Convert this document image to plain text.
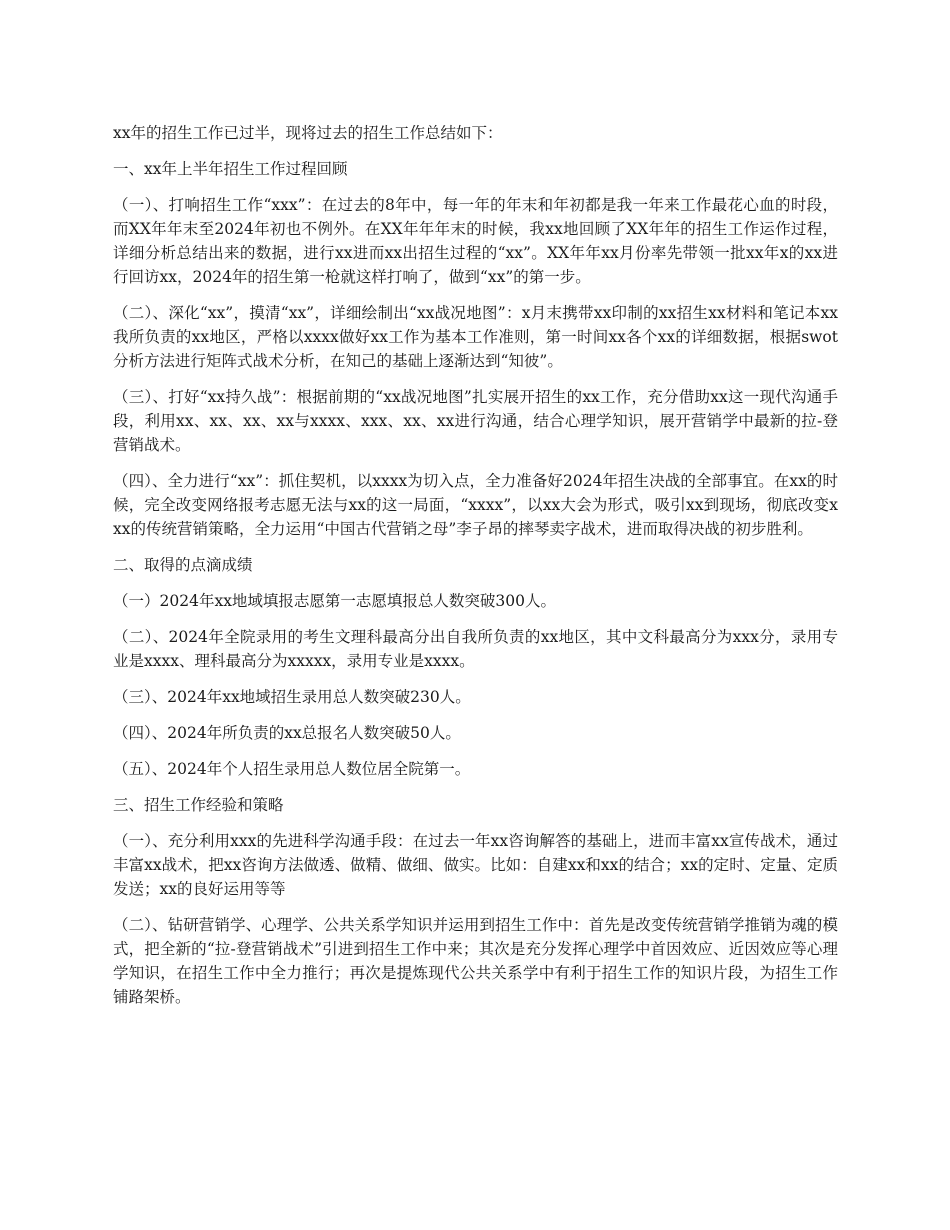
xx年的招生工作已过半，现将过去的招生工作总结如下：

一、xx年上半年招生工作过程回顾

（一）、打响招生工作“xxx”：在过去的8年中，每一年的年末和年初都是我一年来工作最花心血的时段，而XX年年末至2024年初也不例外。在XX年年年末的时候，我xx地回顾了XX年年的招生工作运作过程，详细分析总结出来的数据，进行xx进而xx出招生过程的“xx”。XX年年xx月份率先带领一批xx年x的xx进行回访xx，2024年的招生第一枪就这样打响了，做到“xx”的第一步。

（二）、深化“xx”，摸清“xx”，详细绘制出“xx战况地图”：x月末携带xx印制的xx招生xx材料和笔记本xx我所负责的xx地区，严格以xxxx做好xx工作为基本工作准则，第一时间xx各个xx的详细数据，根据swot分析方法进行矩阵式战术分析，在知己的基础上逐渐达到“知彼”。

（三）、打好“xx持久战”：根据前期的“xx战况地图”扎实展开招生的xx工作，充分借助xx这一现代沟通手段，利用xx、xx、xx、xx与xxxx、xxx、xx、xx进行沟通，结合心理学知识，展开营销学中最新的拉-登营销战术。

（四）、全力进行“xx”：抓住契机，以xxxx为切入点，全力准备好2024年招生决战的全部事宜。在xx的时候，完全改变网络报考志愿无法与xx的这一局面，“xxxx”，以xx大会为形式，吸引xx到现场，彻底改变xxx的传统营销策略，全力运用“中国古代营销之母”李子昂的摔琴卖字战术，进而取得决战的初步胜利。

二、取得的点滴成绩

（一）2024年xx地域填报志愿第一志愿填报总人数突破300人。

（二）、2024年全院录用的考生文理科最高分出自我所负责的xx地区，其中文科最高分为xxx分，录用专业是xxxx、理科最高分为xxxxx，录用专业是xxxx。

（三）、2024年xx地域招生录用总人数突破230人。

（四）、2024年所负责的xx总报名人数突破50人。

（五）、2024年个人招生录用总人数位居全院第一。

三、招生工作经验和策略

（一）、充分利用xxx的先进科学沟通手段：在过去一年xx咨询解答的基础上，进而丰富xx宣传战术，通过丰富xx战术，把xx咨询方法做透、做精、做细、做实。比如：自建xx和xx的结合；xx的定时、定量、定质发送；xx的良好运用等等

（二）、钻研营销学、心理学、公共关系学知识并运用到招生工作中：首先是改变传统营销学推销为魂的模式，把全新的“拉-登营销战术”引进到招生工作中来；其次是充分发挥心理学中首因效应、近因效应等心理学知识，在招生工作中全力推行；再次是提炼现代公共关系学中有利于招生工作的知识片段，为招生工作铺路架桥。
